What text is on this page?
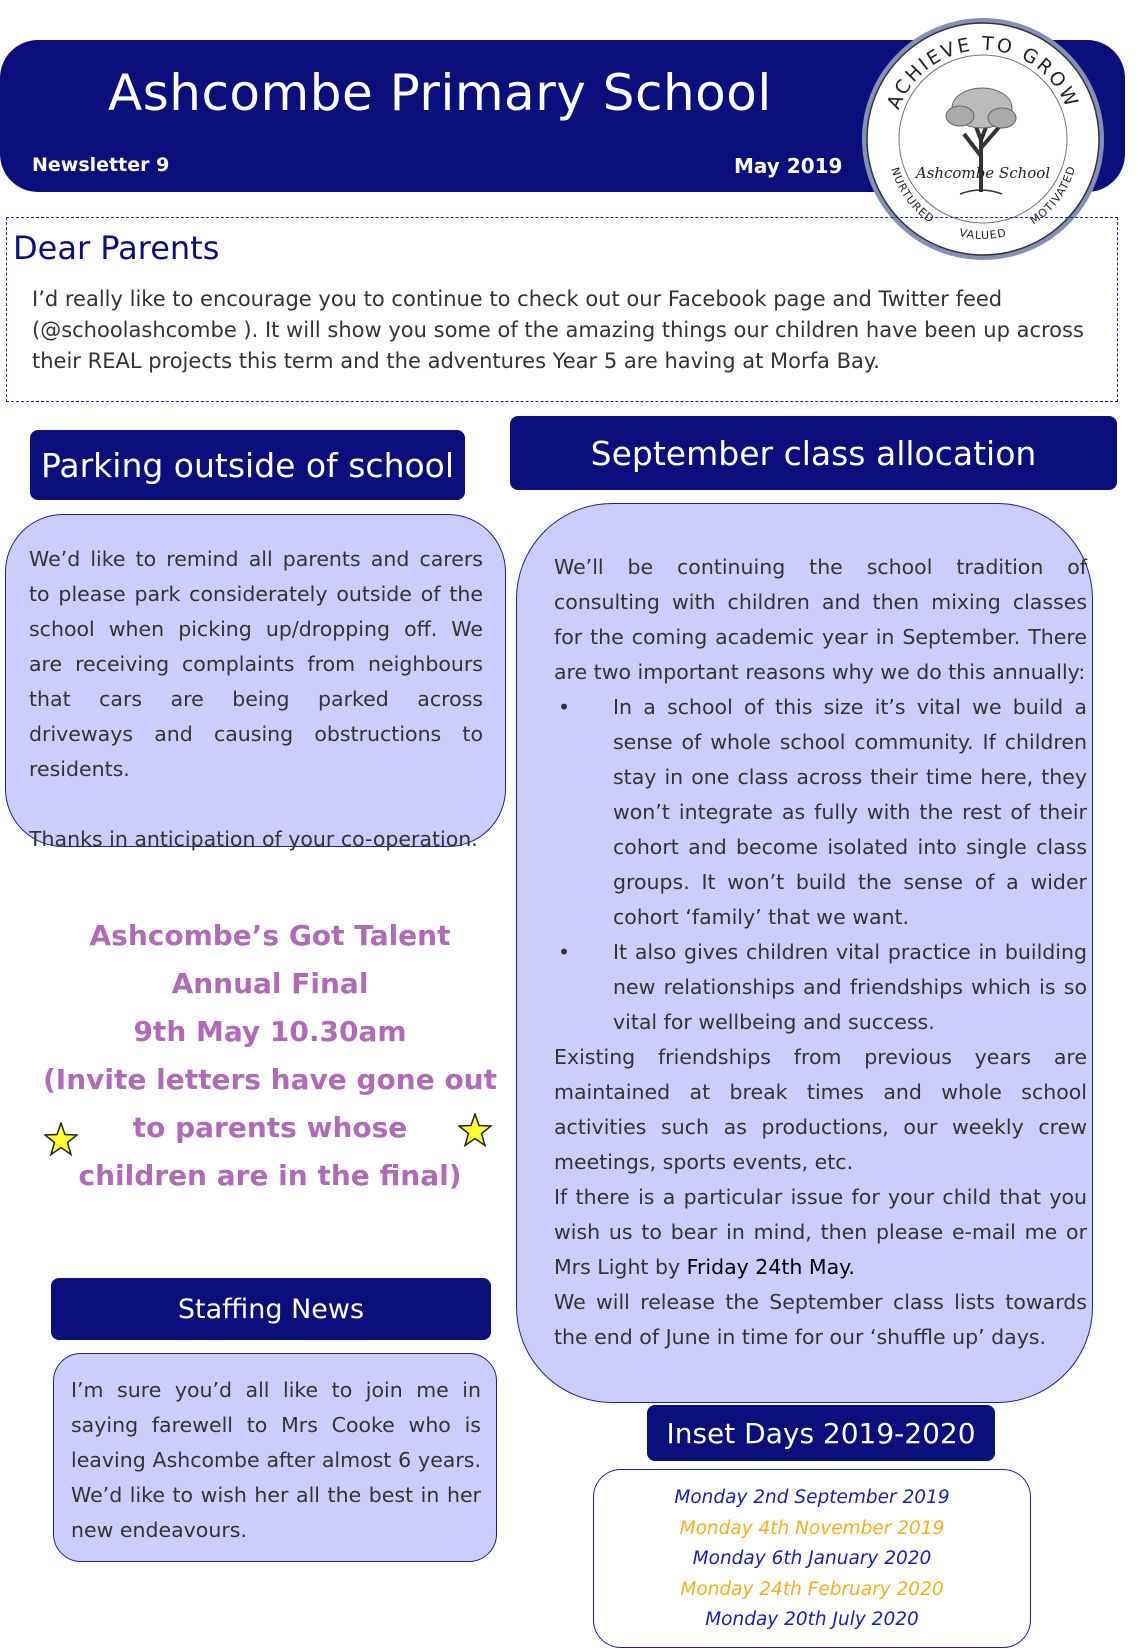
Ashcombe Primary School
Newsletter 9	May 2019
ACHIEVE TO GROW
NURTURED
VALUED
MOTIVATED
Ashcombe School
Dear Parents
I’d really like to encourage you to continue to check out our Facebook page and Twitter feed (@schoolashcombe ). It will show you some of the amazing things our children have been up across their REAL projects this term and the adventures Year 5 are having at Morfa Bay.
Parking outside of school

We’d like to remind all parents and carers to please park considerately outside of the school when picking up/dropping off. We are receiving complaints from neighbours that cars are being parked across driveways and causing obstructions to residents.

Thanks in anticipation of your co-operation.

Ashcombe’s Got Talent
Annual Final
9th May 10.30am
(Invite letters have gone out
to parents whose
children are in the final)
Staffing News
I’m sure you’d all like to join me in saying farewell to Mrs Cooke who is leaving Ashcombe after almost 6 years. We’d like to wish her all the best in her new endeavours.
September class allocation

We’ll be continuing the school tradition of consulting with children and then mixing classes for the coming academic year in September. There are two important reasons why we do this annually:

• In a school of this size it’s vital we build a sense of whole school community. If children stay in one class across their time here, they won’t integrate as fully with the rest of their cohort and become isolated into single class groups. It won’t build the sense of a wider cohort ‘family’ that we want.
• It also gives children vital practice in building new relationships and friendships which is so vital for wellbeing and success.

Existing friendships from previous years are maintained at break times and whole school activities such as productions, our weekly crew meetings, sports events, etc.

If there is a particular issue for your child that you wish us to bear in mind, then please e-mail me or Mrs Light by Friday 24th May.

We will release the September class lists towards the end of June in time for our ‘shuffle up’ days.

Inset Days 2019-2020
Monday 2nd September 2019
Monday 4th November 2019
Monday 6th January 2020
Monday 24th February 2020
Monday 20th July 2020
